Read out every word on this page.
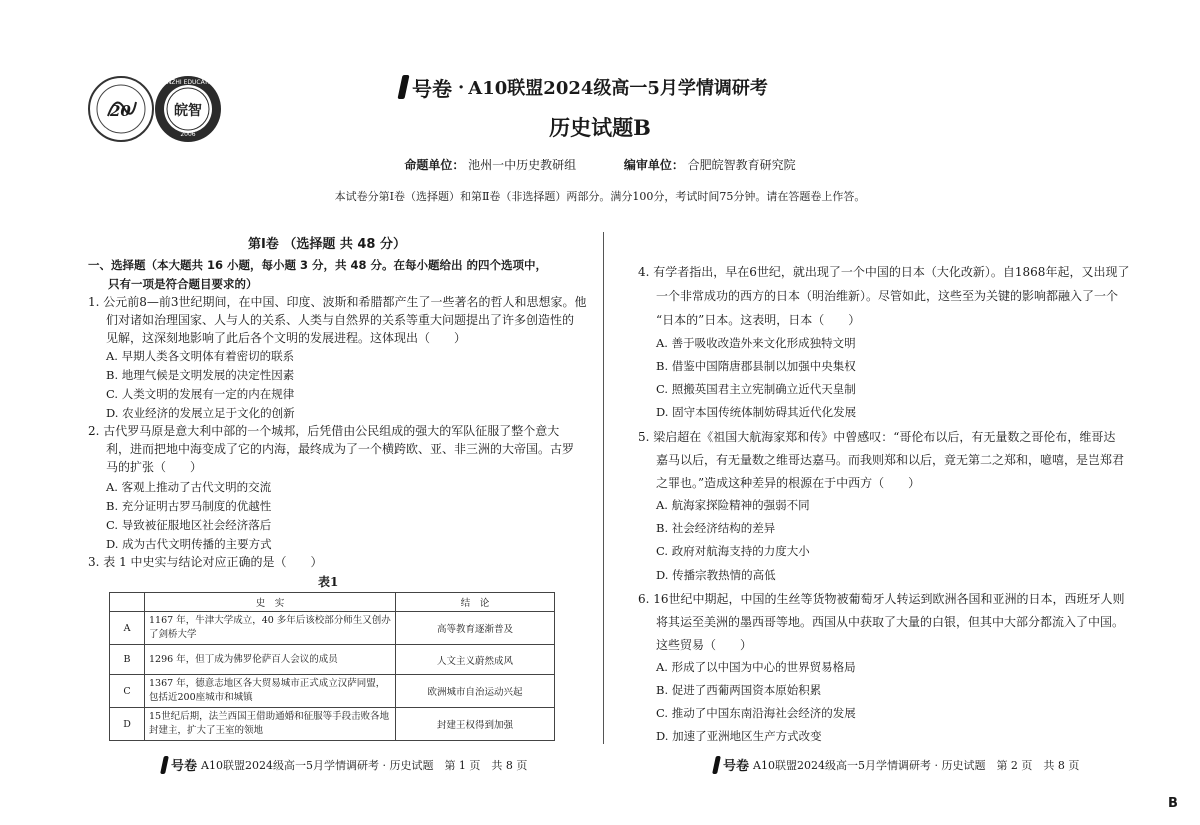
20
WANZHI EDUCATION
皖智
2006
号卷 · A10联盟2024级高一5月学情调研考
历史试题B
命题单位： 池州一中历史教研组	编审单位： 合肥皖智教育研究院
本试卷分第Ⅰ卷（选择题）和第Ⅱ卷（非选择题）两部分。满分100分，考试时间75分钟。请在答题卷上作答。
第Ⅰ卷 （选择题 共 48 分）
一、选择题（本大题共 16 小题，每小题 3 分，共 48 分。在每小题给出 的四个选项中，
只有一项是符合题目要求的）
1. 公元前8—前3世纪期间，在中国、印度、波斯和希腊都产生了一些著名的哲人和思想家。他
们对诸如治理国家、人与人的关系、人类与自然界的关系等重大问题提出了许多创造性的
见解，这深刻地影响了此后各个文明的发展进程。这体现出（　　）
A. 早期人类各文明体有着密切的联系
B. 地理气候是文明发展的决定性因素
C. 人类文明的发展有一定的内在规律
D. 农业经济的发展立足于文化的创新
2. 古代罗马原是意大利中部的一个城邦，后凭借由公民组成的强大的军队征服了整个意大
利，进而把地中海变成了它的内海，最终成为了一个横跨欧、亚、非三洲的大帝国。古罗
马的扩张（　　）
A. 客观上推动了古代文明的交流
B. 充分证明古罗马制度的优越性
C. 导致被征服地区社会经济落后
D. 成为古代文明传播的主要方式
3. 表 1 中史实与结论对应正确的是（　　）
表1
	史　实	结　论
A	1167 年，牛津大学成立，40 多年后该校部分师生又创办了剑桥大学	高等教育逐渐普及
B	1296 年，但丁成为佛罗伦萨百人会议的成员	人文主义蔚然成风
C	1367 年，德意志地区各大贸易城市正式成立汉萨同盟，包括近200座城市和城镇	欧洲城市自治运动兴起
D	15世纪后期，法兰西国王借助通婚和征服等手段击败各地封建主，扩大了王室的领地	封建王权得到加强
4. 有学者指出，早在6世纪，就出现了一个中国的日本（大化改新）。自1868年起，又出现了
一个非常成功的西方的日本（明治维新）。尽管如此，这些至为关键的影响都融入了一个
“日本的”日本。这表明，日本（　　）
A. 善于吸收改造外来文化形成独特文明
B. 借鉴中国隋唐郡县制以加强中央集权
C. 照搬英国君主立宪制确立近代天皇制
D. 固守本国传统体制妨碍其近代化发展
5. 梁启超在《祖国大航海家郑和传》中曾感叹：“哥伦布以后，有无量数之哥伦布，维哥达
嘉马以后，有无量数之维哥达嘉马。而我则郑和以后，竟无第二之郑和，噫嘻，是岂郑君
之罪也。”造成这种差异的根源在于中西方（　　）
A. 航海家探险精神的强弱不同
B. 社会经济结构的差异
C. 政府对航海支持的力度大小
D. 传播宗教热情的高低
6. 16世纪中期起，中国的生丝等货物被葡萄牙人转运到欧洲各国和亚洲的日本，西班牙人则
将其运至美洲的墨西哥等地。西国从中获取了大量的白银，但其中大部分都流入了中国。
这些贸易（　　）
A. 形成了以中国为中心的世界贸易格局
B. 促进了西葡两国资本原始积累
C. 推动了中国东南沿海社会经济的发展
D. 加速了亚洲地区生产方式改变
号卷 A10联盟2024级高一5月学情调研考 · 历史试题　第 1 页　共 8 页	号卷 A10联盟2024级高一5月学情调研考 · 历史试题　第 2 页　共 8 页
B
